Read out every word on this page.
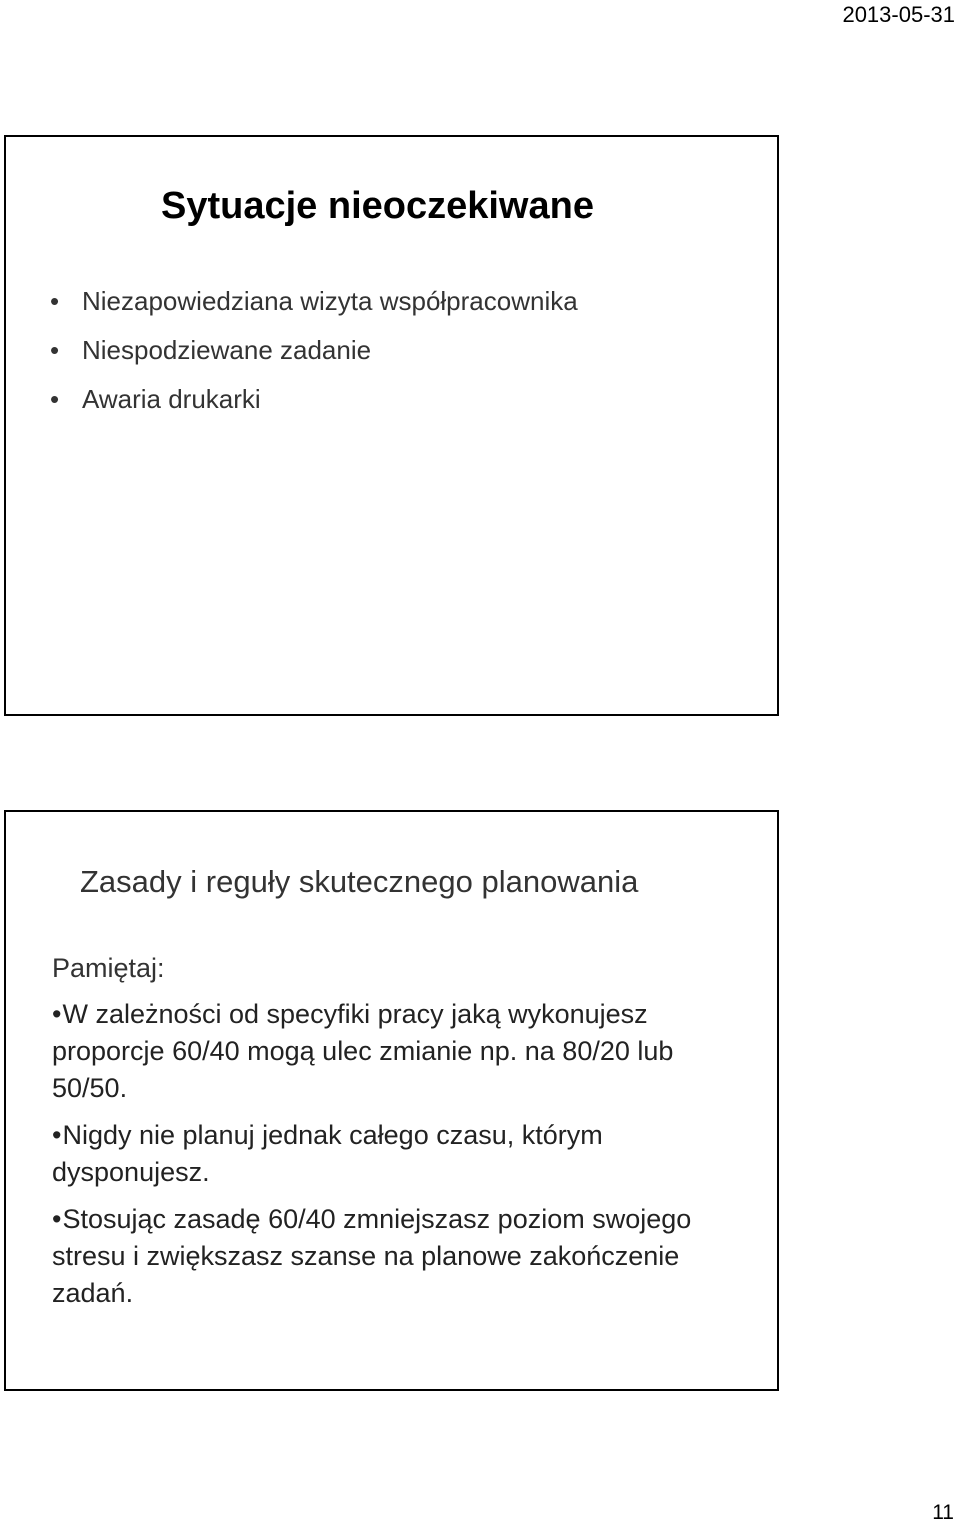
2013-05-31
Sytuacje nieoczekiwane
• Niezapowiedziana wizyta współpracownika
• Niespodziewane zadanie
• Awaria drukarki
Zasady i reguły skutecznego planowania

Pamiętaj:

•W zależności od specyfiki pracy jaką wykonujesz proporcje 60/40 mogą ulec zmianie np. na 80/20 lub 50/50.

•Nigdy nie planuj jednak całego czasu, którym dysponujesz.

•Stosując zasadę 60/40 zmniejszasz poziom swojego stresu i zwiększasz szanse na planowe zakończenie zadań.

11
